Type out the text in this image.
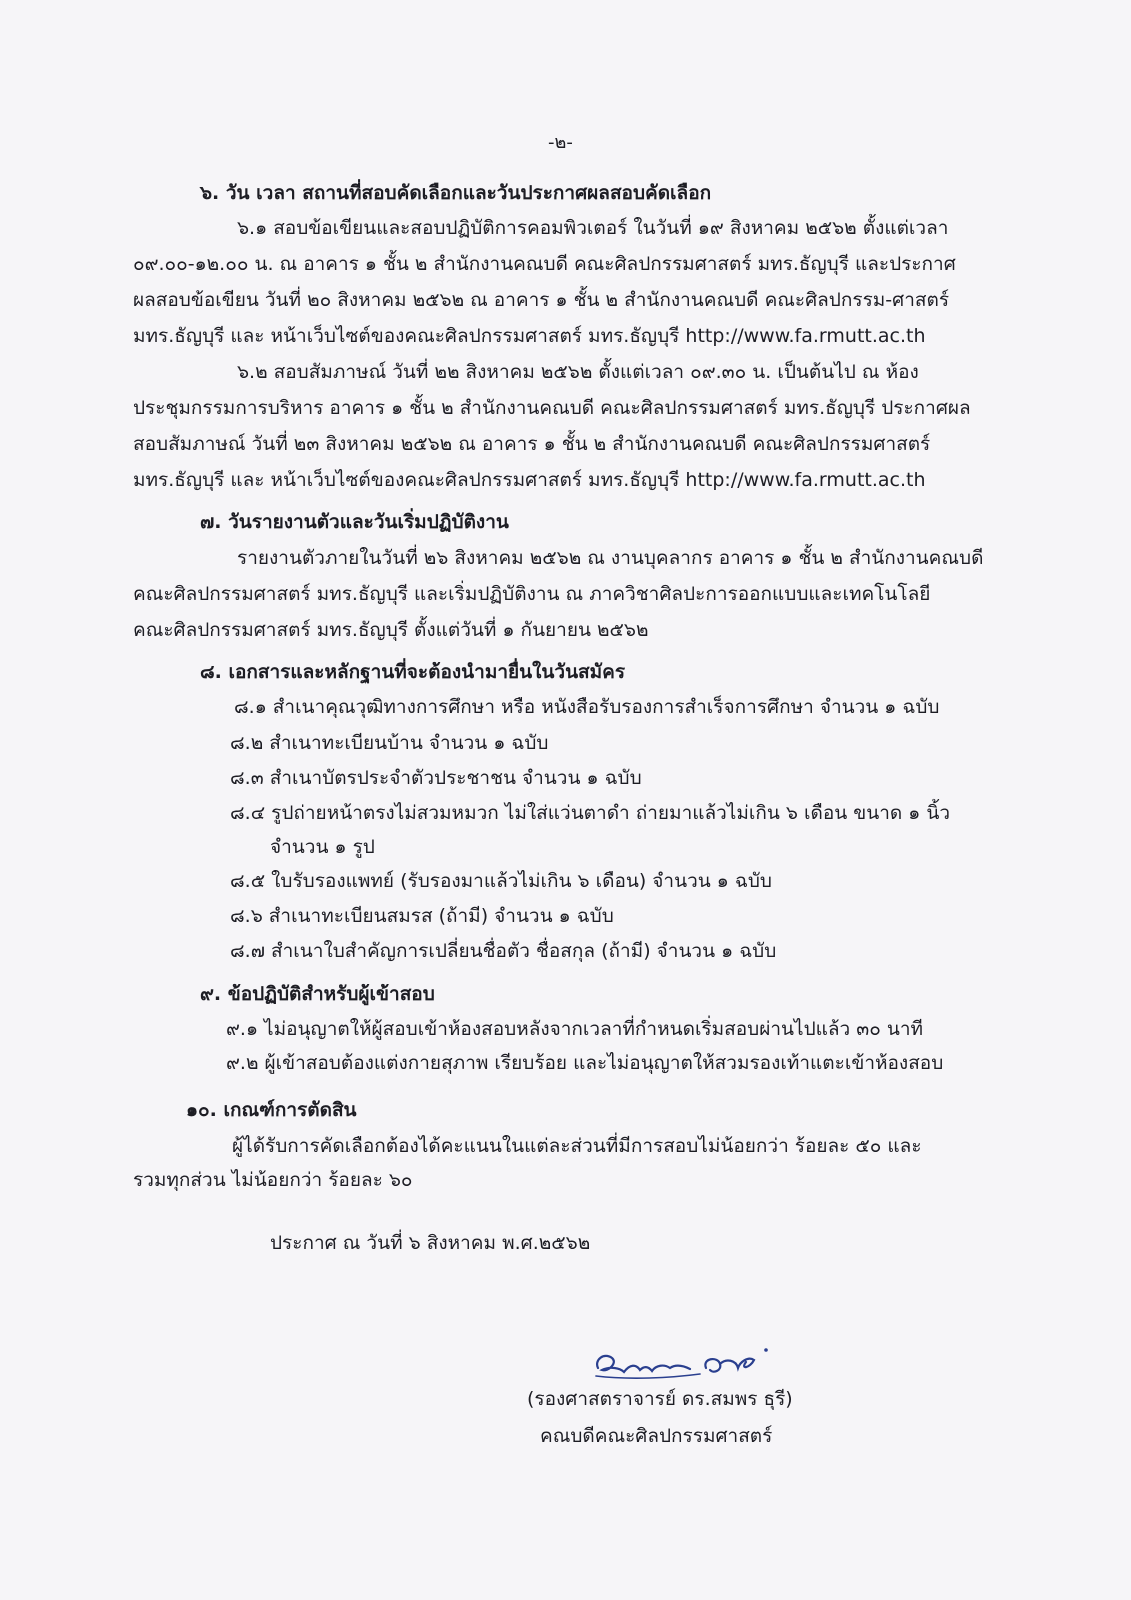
-๒-
๖. วัน เวลา สถานที่สอบคัดเลือกและวันประกาศผลสอบคัดเลือก
๖.๑ สอบข้อเขียนและสอบปฏิบัติการคอมพิวเตอร์ ในวันที่ ๑๙ สิงหาคม ๒๕๖๒ ตั้งแต่เวลา
๐๙.๐๐-๑๒.๐๐ น. ณ อาคาร ๑ ชั้น ๒ สำนักงานคณบดี คณะศิลปกรรมศาสตร์ มทร.ธัญบุรี และประกาศ
ผลสอบข้อเขียน วันที่ ๒๐ สิงหาคม ๒๕๖๒ ณ อาคาร ๑ ชั้น ๒ สำนักงานคณบดี คณะศิลปกรรม-ศาสตร์
มทร.ธัญบุรี และ หน้าเว็บไซต์ของคณะศิลปกรรมศาสตร์ มทร.ธัญบุรี http://www.fa.rmutt.ac.th
๖.๒ สอบสัมภาษณ์ วันที่ ๒๒ สิงหาคม ๒๕๖๒ ตั้งแต่เวลา ๐๙.๓๐ น. เป็นต้นไป ณ ห้อง
ประชุมกรรมการบริหาร อาคาร ๑ ชั้น ๒ สำนักงานคณบดี คณะศิลปกรรมศาสตร์ มทร.ธัญบุรี ประกาศผล
สอบสัมภาษณ์ วันที่ ๒๓ สิงหาคม ๒๕๖๒ ณ อาคาร ๑ ชั้น ๒ สำนักงานคณบดี คณะศิลปกรรมศาสตร์
มทร.ธัญบุรี และ หน้าเว็บไซต์ของคณะศิลปกรรมศาสตร์ มทร.ธัญบุรี http://www.fa.rmutt.ac.th
๗. วันรายงานตัวและวันเริ่มปฏิบัติงาน
รายงานตัวภายในวันที่ ๒๖ สิงหาคม ๒๕๖๒ ณ งานบุคลากร อาคาร ๑ ชั้น ๒ สำนักงานคณบดี
คณะศิลปกรรมศาสตร์ มทร.ธัญบุรี และเริ่มปฏิบัติงาน ณ ภาควิชาศิลปะการออกแบบและเทคโนโลยี
คณะศิลปกรรมศาสตร์ มทร.ธัญบุรี ตั้งแต่วันที่ ๑ กันยายน ๒๕๖๒
๘. เอกสารและหลักฐานที่จะต้องนำมายื่นในวันสมัคร
๘.๑ สำเนาคุณวุฒิทางการศึกษา หรือ หนังสือรับรองการสำเร็จการศึกษา จำนวน ๑ ฉบับ
๘.๒ สำเนาทะเบียนบ้าน จำนวน ๑ ฉบับ
๘.๓ สำเนาบัตรประจำตัวประชาชน จำนวน ๑ ฉบับ
๘.๔ รูปถ่ายหน้าตรงไม่สวมหมวก ไม่ใส่แว่นตาดำ ถ่ายมาแล้วไม่เกิน ๖ เดือน ขนาด ๑ นิ้ว
จำนวน ๑ รูป
๘.๕ ใบรับรองแพทย์ (รับรองมาแล้วไม่เกิน ๖ เดือน) จำนวน ๑ ฉบับ
๘.๖ สำเนาทะเบียนสมรส (ถ้ามี) จำนวน ๑ ฉบับ
๘.๗ สำเนาใบสำคัญการเปลี่ยนชื่อตัว ชื่อสกุล (ถ้ามี) จำนวน ๑ ฉบับ
๙. ข้อปฏิบัติสำหรับผู้เข้าสอบ
๙.๑ ไม่อนุญาตให้ผู้สอบเข้าห้องสอบหลังจากเวลาที่กำหนดเริ่มสอบผ่านไปแล้ว ๓๐ นาที
๙.๒ ผู้เข้าสอบต้องแต่งกายสุภาพ เรียบร้อย และไม่อนุญาตให้สวมรองเท้าแตะเข้าห้องสอบ
๑๐. เกณฑ์การตัดสิน
ผู้ได้รับการคัดเลือกต้องได้คะแนนในแต่ละส่วนที่มีการสอบไม่น้อยกว่า ร้อยละ ๕๐ และ
รวมทุกส่วน ไม่น้อยกว่า ร้อยละ ๖๐
ประกาศ ณ วันที่ ๖ สิงหาคม พ.ศ.๒๕๖๒
(รองศาสตราจารย์ ดร.สมพร ธุรี)
คณบดีคณะศิลปกรรมศาสตร์
